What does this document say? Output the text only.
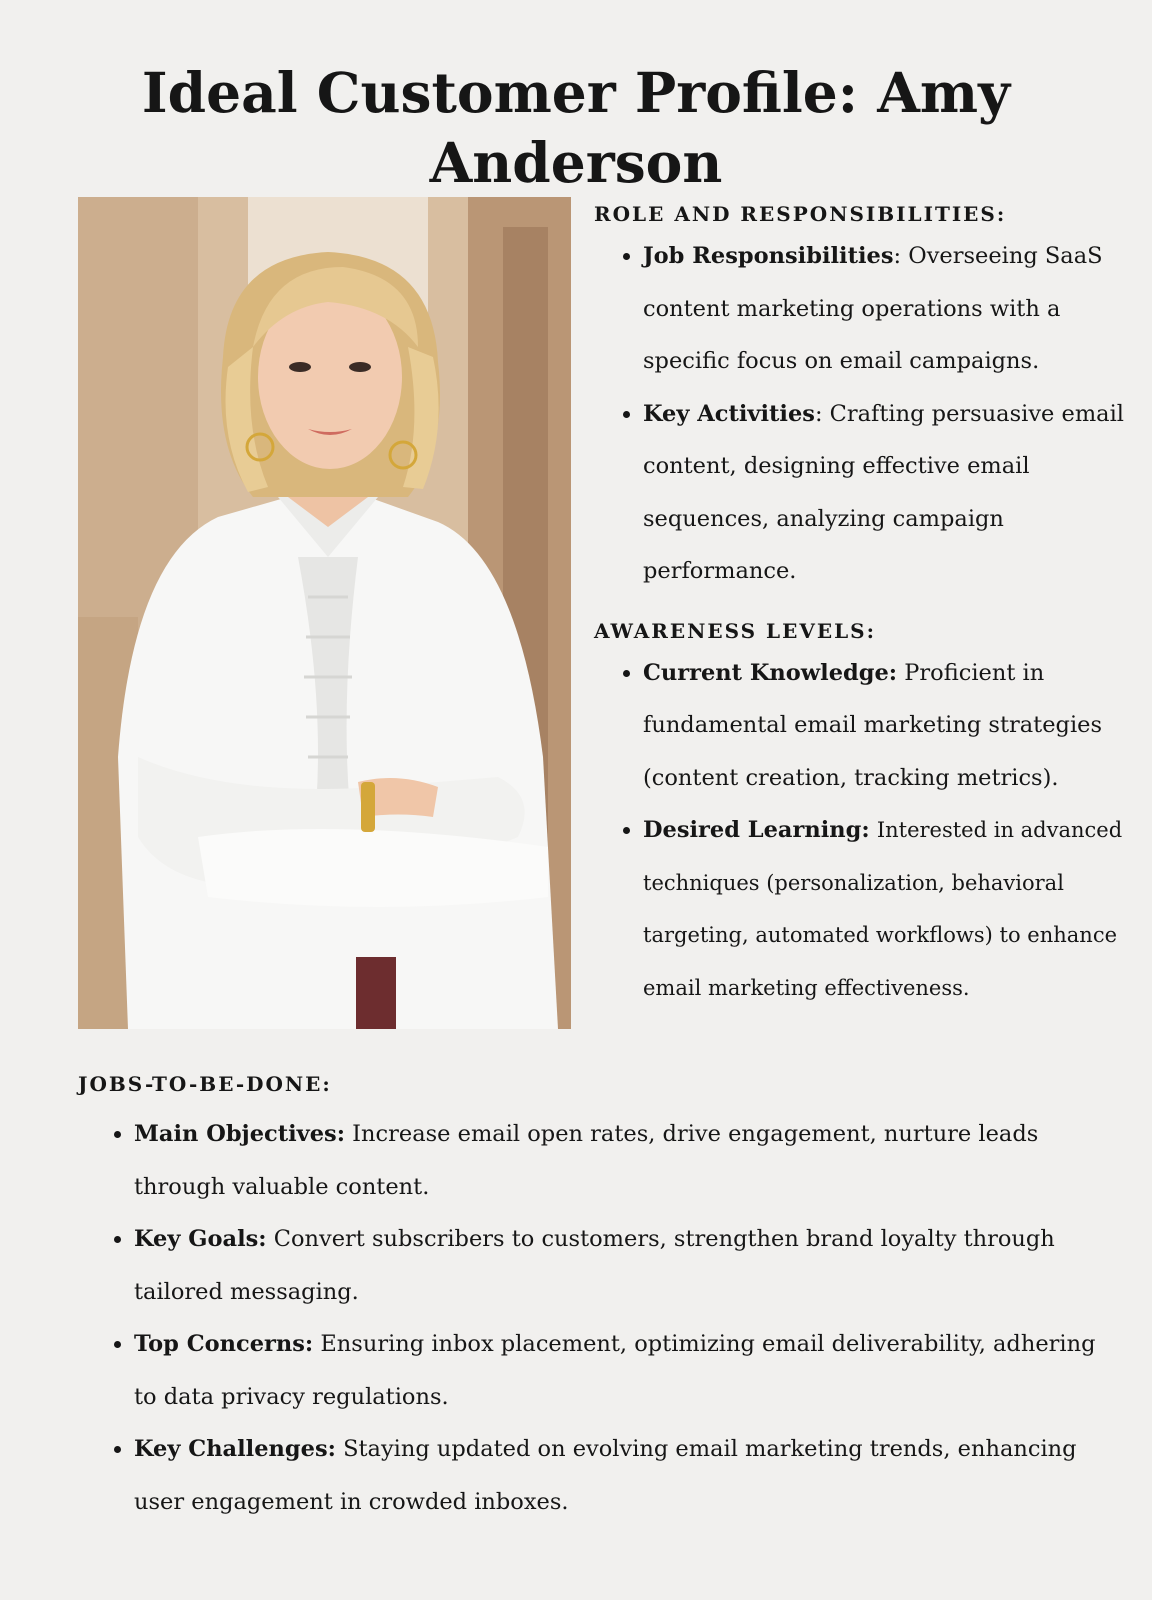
Ideal Customer Profile: Amy Anderson
ROLE AND RESPONSIBILITIES:
Job Responsibilities: Overseeing SaaS content marketing operations with a specific focus on email campaigns.
Key Activities: Crafting persuasive email content, designing effective email sequences, analyzing campaign performance.
AWARENESS LEVELS:
Current Knowledge: Proficient in fundamental email marketing strategies (content creation, tracking metrics).
Desired Learning: Interested in advanced techniques (personalization, behavioral targeting, automated workflows) to enhance email marketing effectiveness.
JOBS-TO-BE-DONE:
Main Objectives: Increase email open rates, drive engagement, nurture leads through valuable content.
Key Goals: Convert subscribers to customers, strengthen brand loyalty through tailored messaging.
Top Concerns: Ensuring inbox placement, optimizing email deliverability, adhering to data privacy regulations.
Key Challenges: Staying updated on evolving email marketing trends, enhancing user engagement in crowded inboxes.
